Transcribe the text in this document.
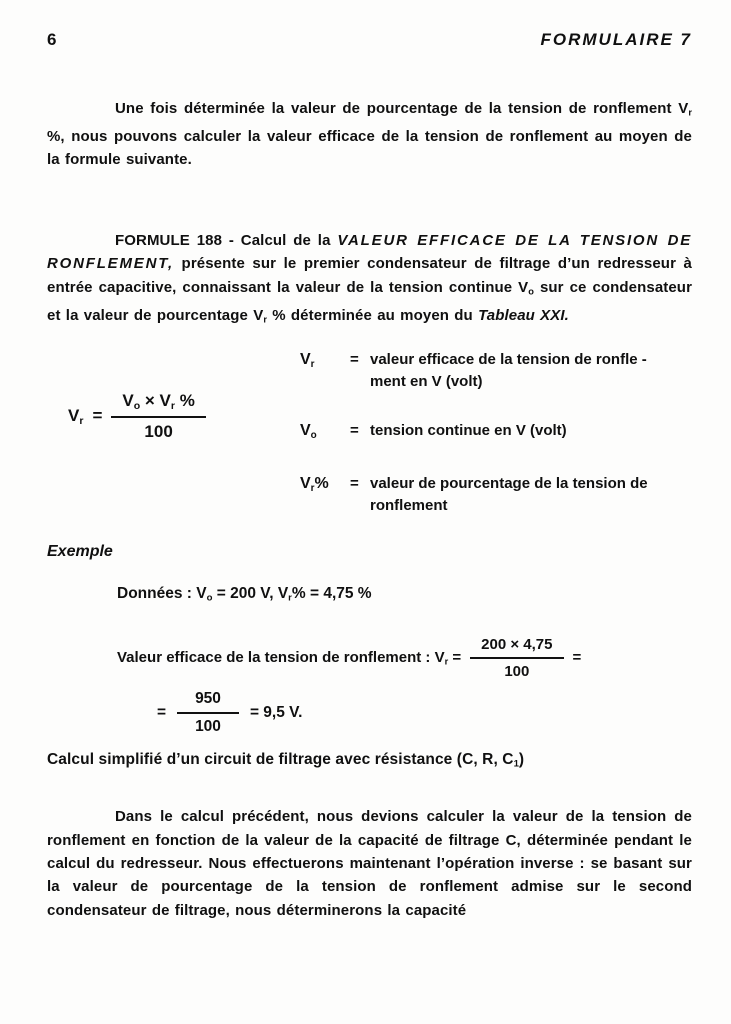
6	FORMULAIRE 7

Une fois déterminée la valeur de pourcentage de la tension de ronflement Vr %, nous pouvons calculer la valeur efficace de la tension de ronflement au moyen de la formule suivante.

FORMULE 188 - Calcul de la VALEUR EFFICACE DE LA TENSION DE RONFLEMENT, présente sur le premier condensateur de filtrage d’un redresseur à entrée capacitive, connaissant la valeur de la tension continue Vo sur ce condensateur et la valeur de pourcentage Vr % déterminée au moyen du Tableau XXI.

$Vr = \frac{Vo \times Vr \%}{100}$
Vr	= valeur efficace de la tension de ronfle -
ment en V (volt)
Vo	= tension continue en V (volt)
Vr%	= valeur de pourcentage de la tension de
ronflement
Exemple
Données : Vo = 200 V, Vr% = 4,75 %
Valeur efficace de la tension de ronflement : $Vr = \frac{200 \times 4,75}{100}$ =
= $\frac{950}{100} = 9,5$ V.
Calcul simplifié d’un circuit de filtrage avec résistance (C, R, C1)

Dans le calcul précédent, nous devions calculer la valeur de la tension de ronflement en fonction de la valeur de la capacité de filtrage C, déterminée pendant le calcul du redresseur. Nous effectuerons maintenant l’opération inverse : se basant sur la valeur de pourcentage de la tension de ronflement admise sur le second condensateur de filtrage, nous déterminerons la capacité
